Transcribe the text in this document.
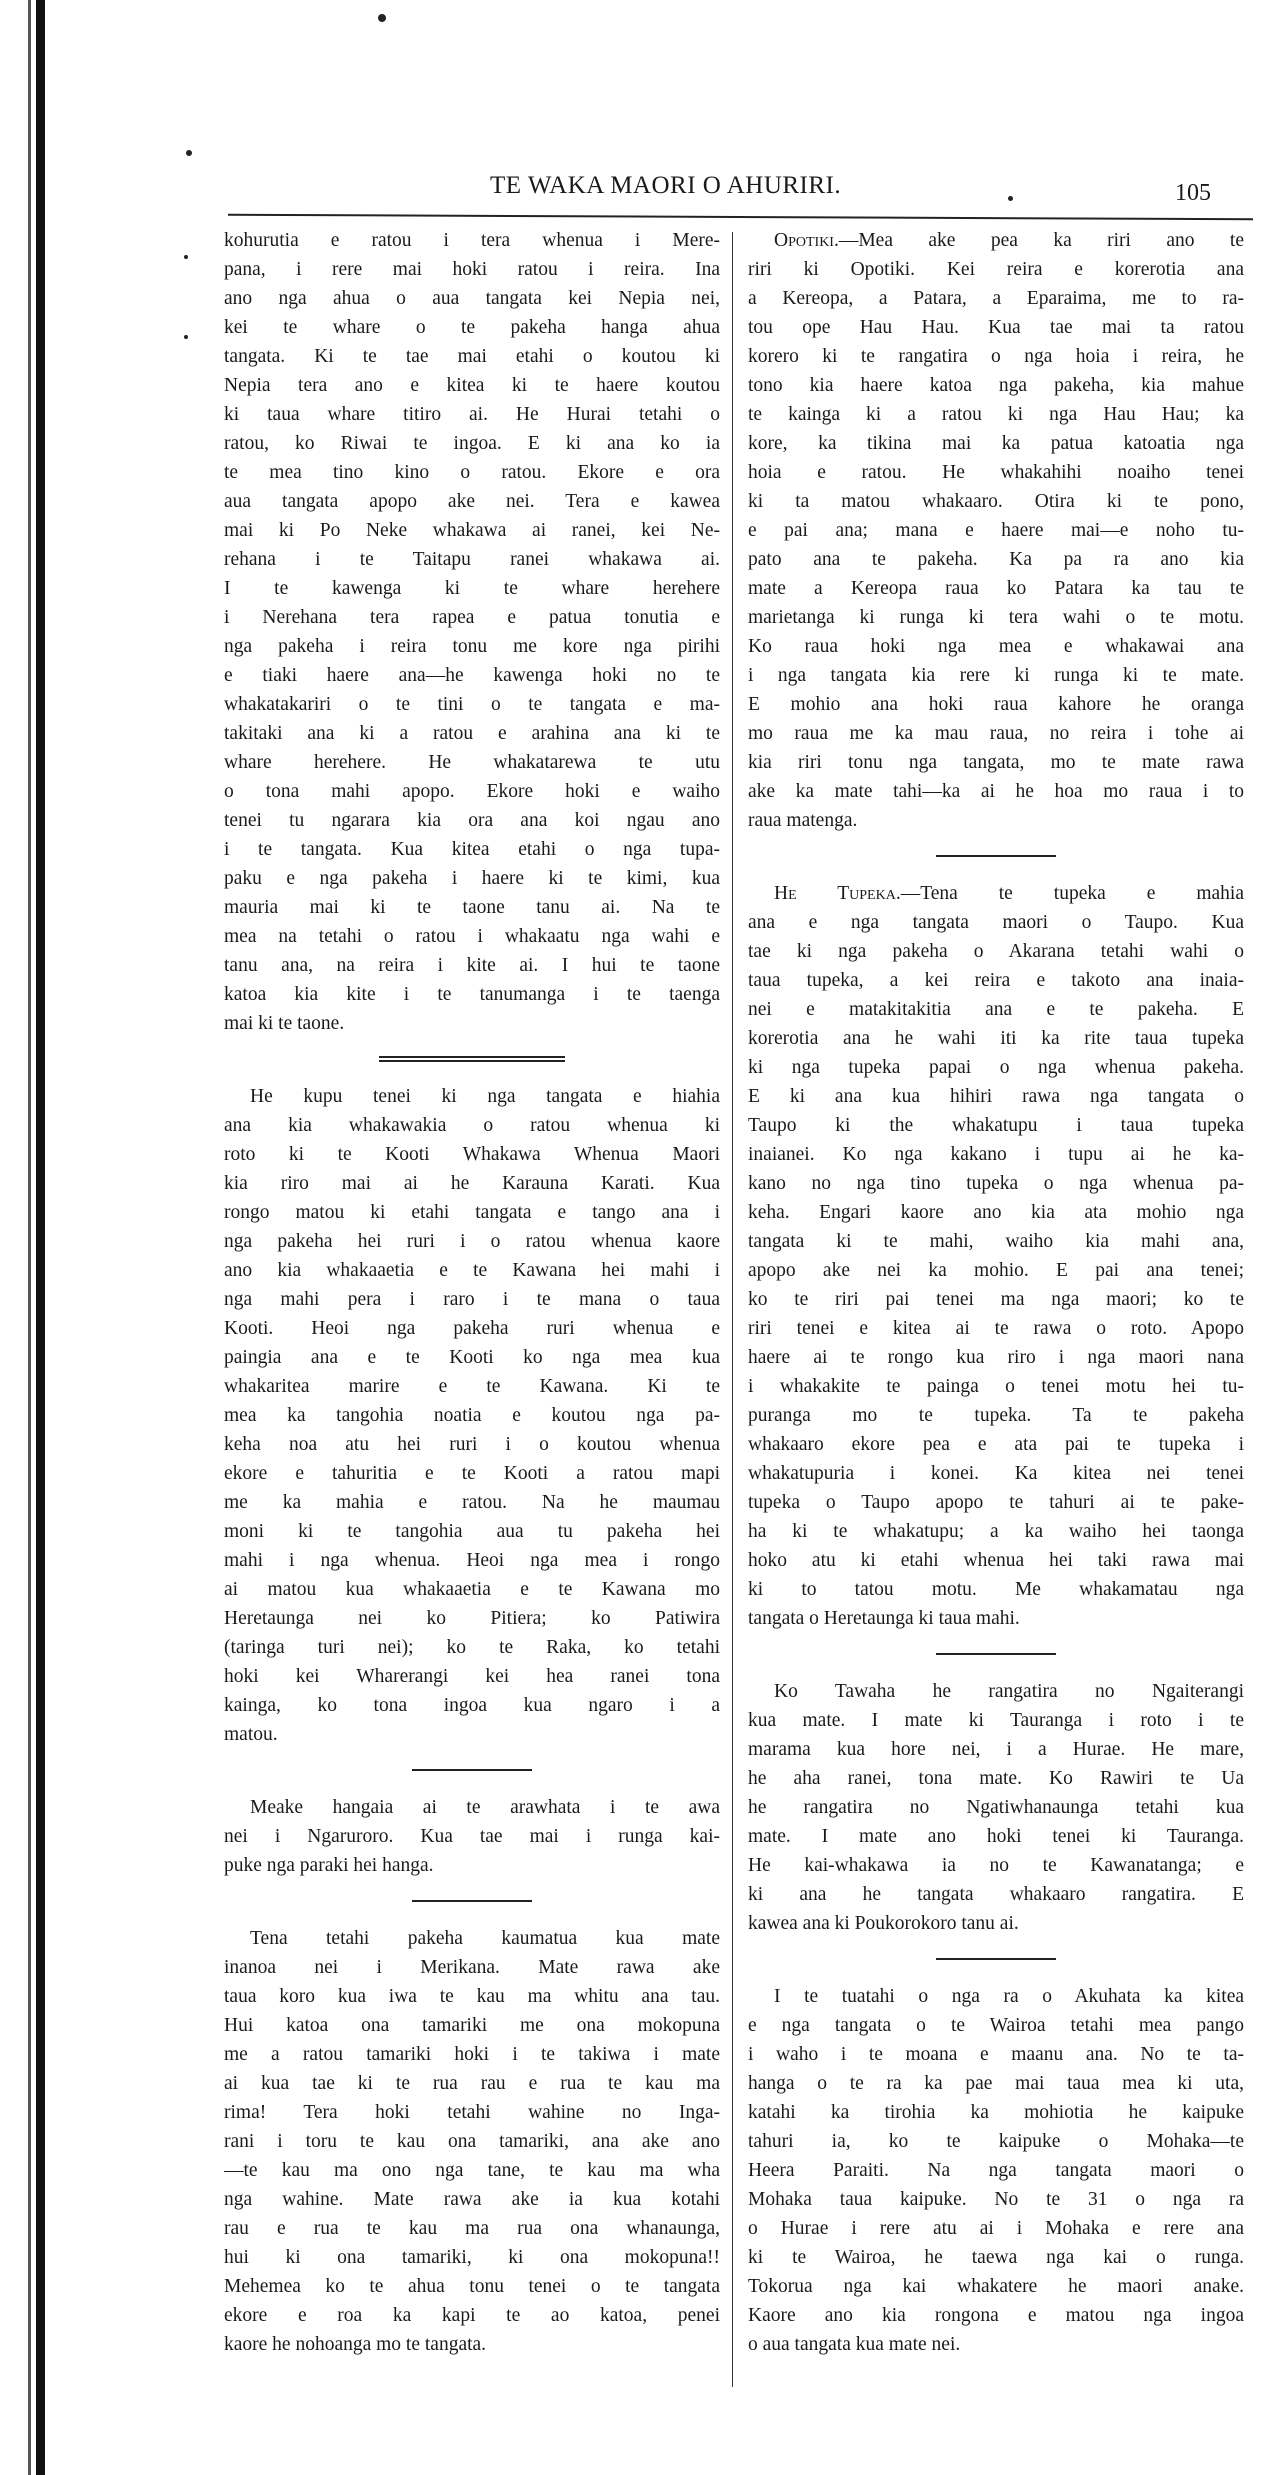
TE WAKA MAORI O AHURIRI.	105
kohurutia e ratou i tera whenua i Mere-
pana, i rere mai hoki ratou i reira. Ina
ano nga ahua o aua tangata kei Nepia nei,
kei te whare o te pakeha hanga ahua
tangata. Ki te tae mai etahi o koutou ki
Nepia tera ano e kitea ki te haere koutou
ki taua whare titiro ai. He Hurai tetahi o
ratou, ko Riwai te ingoa. E ki ana ko ia
te mea tino kino o ratou. Ekore e ora
aua tangata apopo ake nei. Tera e kawea
mai ki Po Neke whakawa ai ranei, kei Ne-
rehana i te Taitapu ranei whakawa ai.
I te kawenga ki te whare herehere
i Nerehana tera rapea e patua tonutia e
nga pakeha i reira tonu me kore nga pirihi
e tiaki haere ana—he kawenga hoki no te
whakatakariri o te tini o te tangata e ma-
takitaki ana ki a ratou e arahina ana ki te
whare herehere. He whakatarewa te utu
o tona mahi apopo. Ekore hoki e waiho
tenei tu ngarara kia ora ana koi ngau ano
i te tangata. Kua kitea etahi o nga tupa-
paku e nga pakeha i haere ki te kimi, kua
mauria mai ki te taone tanu ai. Na te
mea na tetahi o ratou i whakaatu nga wahi e
tanu ana, na reira i kite ai. I hui te taone
katoa kia kite i te tanumanga i te taenga
mai ki te taone.
He kupu tenei ki nga tangata e hiahia
ana kia whakawakia o ratou whenua ki
roto ki te Kooti Whakawa Whenua Maori
kia riro mai ai he Karauna Karati. Kua
rongo matou ki etahi tangata e tango ana i
nga pakeha hei ruri i o ratou whenua kaore
ano kia whakaaetia e te Kawana hei mahi i
nga mahi pera i raro i te mana o taua
Kooti. Heoi nga pakeha ruri whenua e
paingia ana e te Kooti ko nga mea kua
whakaritea marire e te Kawana. Ki te
mea ka tangohia noatia e koutou nga pa-
keha noa atu hei ruri i o koutou whenua
ekore e tahuritia e te Kooti a ratou mapi
me ka mahia e ratou. Na he maumau
moni ki te tangohia aua tu pakeha hei
mahi i nga whenua. Heoi nga mea i rongo
ai matou kua whakaaetia e te Kawana mo
Heretaunga nei ko Pitiera; ko Patiwira
(taringa turi nei); ko te Raka, ko tetahi
hoki kei Wharerangi kei hea ranei tona
kainga, ko tona ingoa kua ngaro i a
matou.
Meake hangaia ai te arawhata i te awa
nei i Ngaruroro. Kua tae mai i runga kai-
puke nga paraki hei hanga.
Tena tetahi pakeha kaumatua kua mate
inanoa nei i Merikana. Mate rawa ake
taua koro kua iwa te kau ma whitu ana tau.
Hui katoa ona tamariki me ona mokopuna
me a ratou tamariki hoki i te takiwa i mate
ai kua tae ki te rua rau e rua te kau ma
rima! Tera hoki tetahi wahine no Inga-
rani i toru te kau ona tamariki, ana ake ano
—te kau ma ono nga tane, te kau ma wha
nga wahine. Mate rawa ake ia kua kotahi
rau e rua te kau ma rua ona whanaunga,
hui ki ona tamariki, ki ona mokopuna!!
Mehemea ko te ahua tonu tenei o te tangata
ekore e roa ka kapi te ao katoa, penei
kaore he nohoanga mo te tangata.
Opotiki.—Mea ake pea ka riri ano te
riri ki Opotiki. Kei reira e korerotia ana
a Kereopa, a Patara, a Eparaima, me to ra-
tou ope Hau Hau. Kua tae mai ta ratou
korero ki te rangatira o nga hoia i reira, he
tono kia haere katoa nga pakeha, kia mahue
te kainga ki a ratou ki nga Hau Hau; ka
kore, ka tikina mai ka patua katoatia nga
hoia e ratou. He whakahihi noaiho tenei
ki ta matou whakaaro. Otira ki te pono,
e pai ana; mana e haere mai—e noho tu-
pato ana te pakeha. Ka pa ra ano kia
mate a Kereopa raua ko Patara ka tau te
marietanga ki runga ki tera wahi o te motu.
Ko raua hoki nga mea e whakawai ana
i nga tangata kia rere ki runga ki te mate.
E mohio ana hoki raua kahore he oranga
mo raua me ka mau raua, no reira i tohe ai
kia riri tonu nga tangata, mo te mate rawa
ake ka mate tahi—ka ai he hoa mo raua i to
raua matenga.
He Tupeka.—Tena te tupeka e mahia
ana e nga tangata maori o Taupo. Kua
tae ki nga pakeha o Akarana tetahi wahi o
taua tupeka, a kei reira e takoto ana inaia-
nei e matakitakitia ana e te pakeha. E
korerotia ana he wahi iti ka rite taua tupeka
ki nga tupeka papai o nga whenua pakeha.
E ki ana kua hihiri rawa nga tangata o
Taupo ki the whakatupu i taua tupeka
inaianei. Ko nga kakano i tupu ai he ka-
kano no nga tino tupeka o nga whenua pa-
keha. Engari kaore ano kia ata mohio nga
tangata ki te mahi, waiho kia mahi ana,
apopo ake nei ka mohio. E pai ana tenei;
ko te riri pai tenei ma nga maori; ko te
riri tenei e kitea ai te rawa o roto. Apopo
haere ai te rongo kua riro i nga maori nana
i whakakite te painga o tenei motu hei tu-
puranga mo te tupeka. Ta te pakeha
whakaaro ekore pea e ata pai te tupeka i
whakatupuria i konei. Ka kitea nei tenei
tupeka o Taupo apopo te tahuri ai te pake-
ha ki te whakatupu; a ka waiho hei taonga
hoko atu ki etahi whenua hei taki rawa mai
ki to tatou motu. Me whakamatau nga
tangata o Heretaunga ki taua mahi.
Ko Tawaha he rangatira no Ngaiterangi
kua mate. I mate ki Tauranga i roto i te
marama kua hore nei, i a Hurae. He mare,
he aha ranei, tona mate. Ko Rawiri te Ua
he rangatira no Ngatiwhanaunga tetahi kua
mate. I mate ano hoki tenei ki Tauranga.
He kai-whakawa ia no te Kawanatanga; e
ki ana he tangata whakaaro rangatira. E
kawea ana ki Poukorokoro tanu ai.
I te tuatahi o nga ra o Akuhata ka kitea
e nga tangata o te Wairoa tetahi mea pango
i waho i te moana e maanu ana. No te ta-
hanga o te ra ka pae mai taua mea ki uta,
katahi ka tirohia ka mohiotia he kaipuke
tahuri ia, ko te kaipuke o Mohaka—te
Heera Paraiti. Na nga tangata maori o
Mohaka taua kaipuke. No te 31 o nga ra
o Hurae i rere atu ai i Mohaka e rere ana
ki te Wairoa, he taewa nga kai o runga.
Tokorua nga kai whakatere he maori anake.
Kaore ano kia rongona e matou nga ingoa
o aua tangata kua mate nei.
